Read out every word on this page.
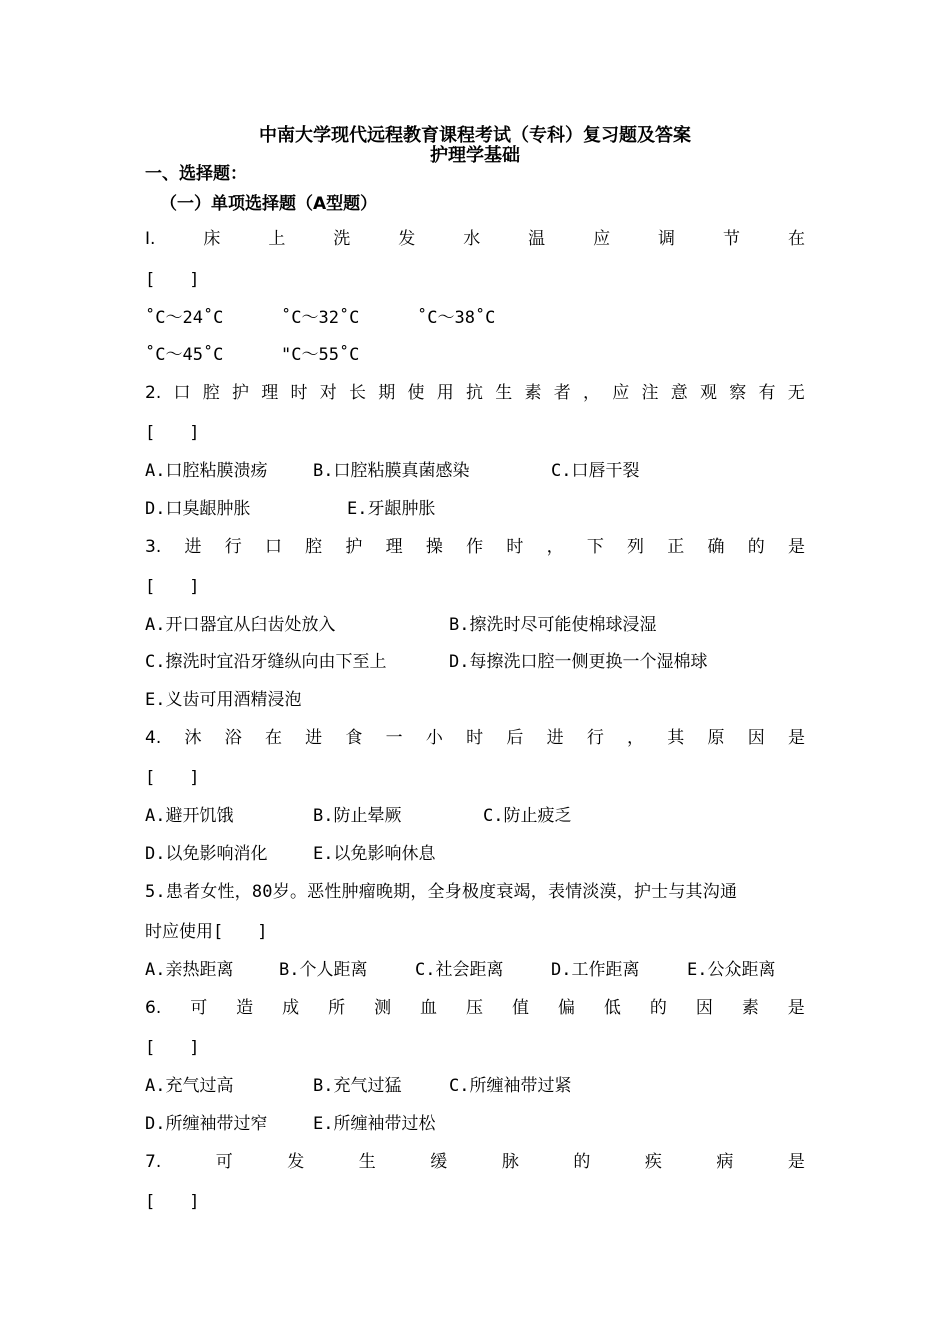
中南大学现代远程教育课程考试（专科）复习题及答案
护理学基础
一、选择题：
（一）单项选择题（A型题）
I.	床	上	洗	发	水	温	应	调	节	在
[　　]
˚C～24˚C	˚C～32˚C	˚C～38˚C
˚C～45˚C	"C～55˚C
2. 口 腔 护 理 时 对 长 期 使 用 抗 生 素 者 ， 应 注 意 观 察 有 无
[　　]
A.口腔粘膜溃疡	B.口腔粘膜真菌感染	C.口唇干裂
D.口臭龈肿胀	E.牙龈肿胀
3. 进 行 口 腔 护 理 操 作 时 ， 下 列 正 确 的 是
[　　]
A.开口器宜从臼齿处放入	B.擦洗时尽可能使棉球浸湿
C.擦洗时宜沿牙缝纵向由下至上	D.每擦洗口腔一侧更换一个湿棉球
E.义齿可用酒精浸泡
4. 沐 浴 在 进 食 一 小 时 后 进 行 ， 其 原 因 是
[　　]
A.避开饥饿	B.防止晕厥	C.防止疲乏
D.以免影响消化	E.以免影响休息
5.患者女性，80岁。恶性肿瘤晚期，全身极度衰竭，表情淡漠，护士与其沟通
时应使用[　　]
A.亲热距离	B.个人距离	C.社会距离	D.工作距离	E.公众距离
6. 可 造 成 所 测 血 压 值 偏 低 的 因 素 是
[　　]
A.充气过高	B.充气过猛	C.所缠袖带过紧
D.所缠袖带过窄	E.所缠袖带过松
7.	可	发	生	缓	脉	的	疾	病	是
[　　]
